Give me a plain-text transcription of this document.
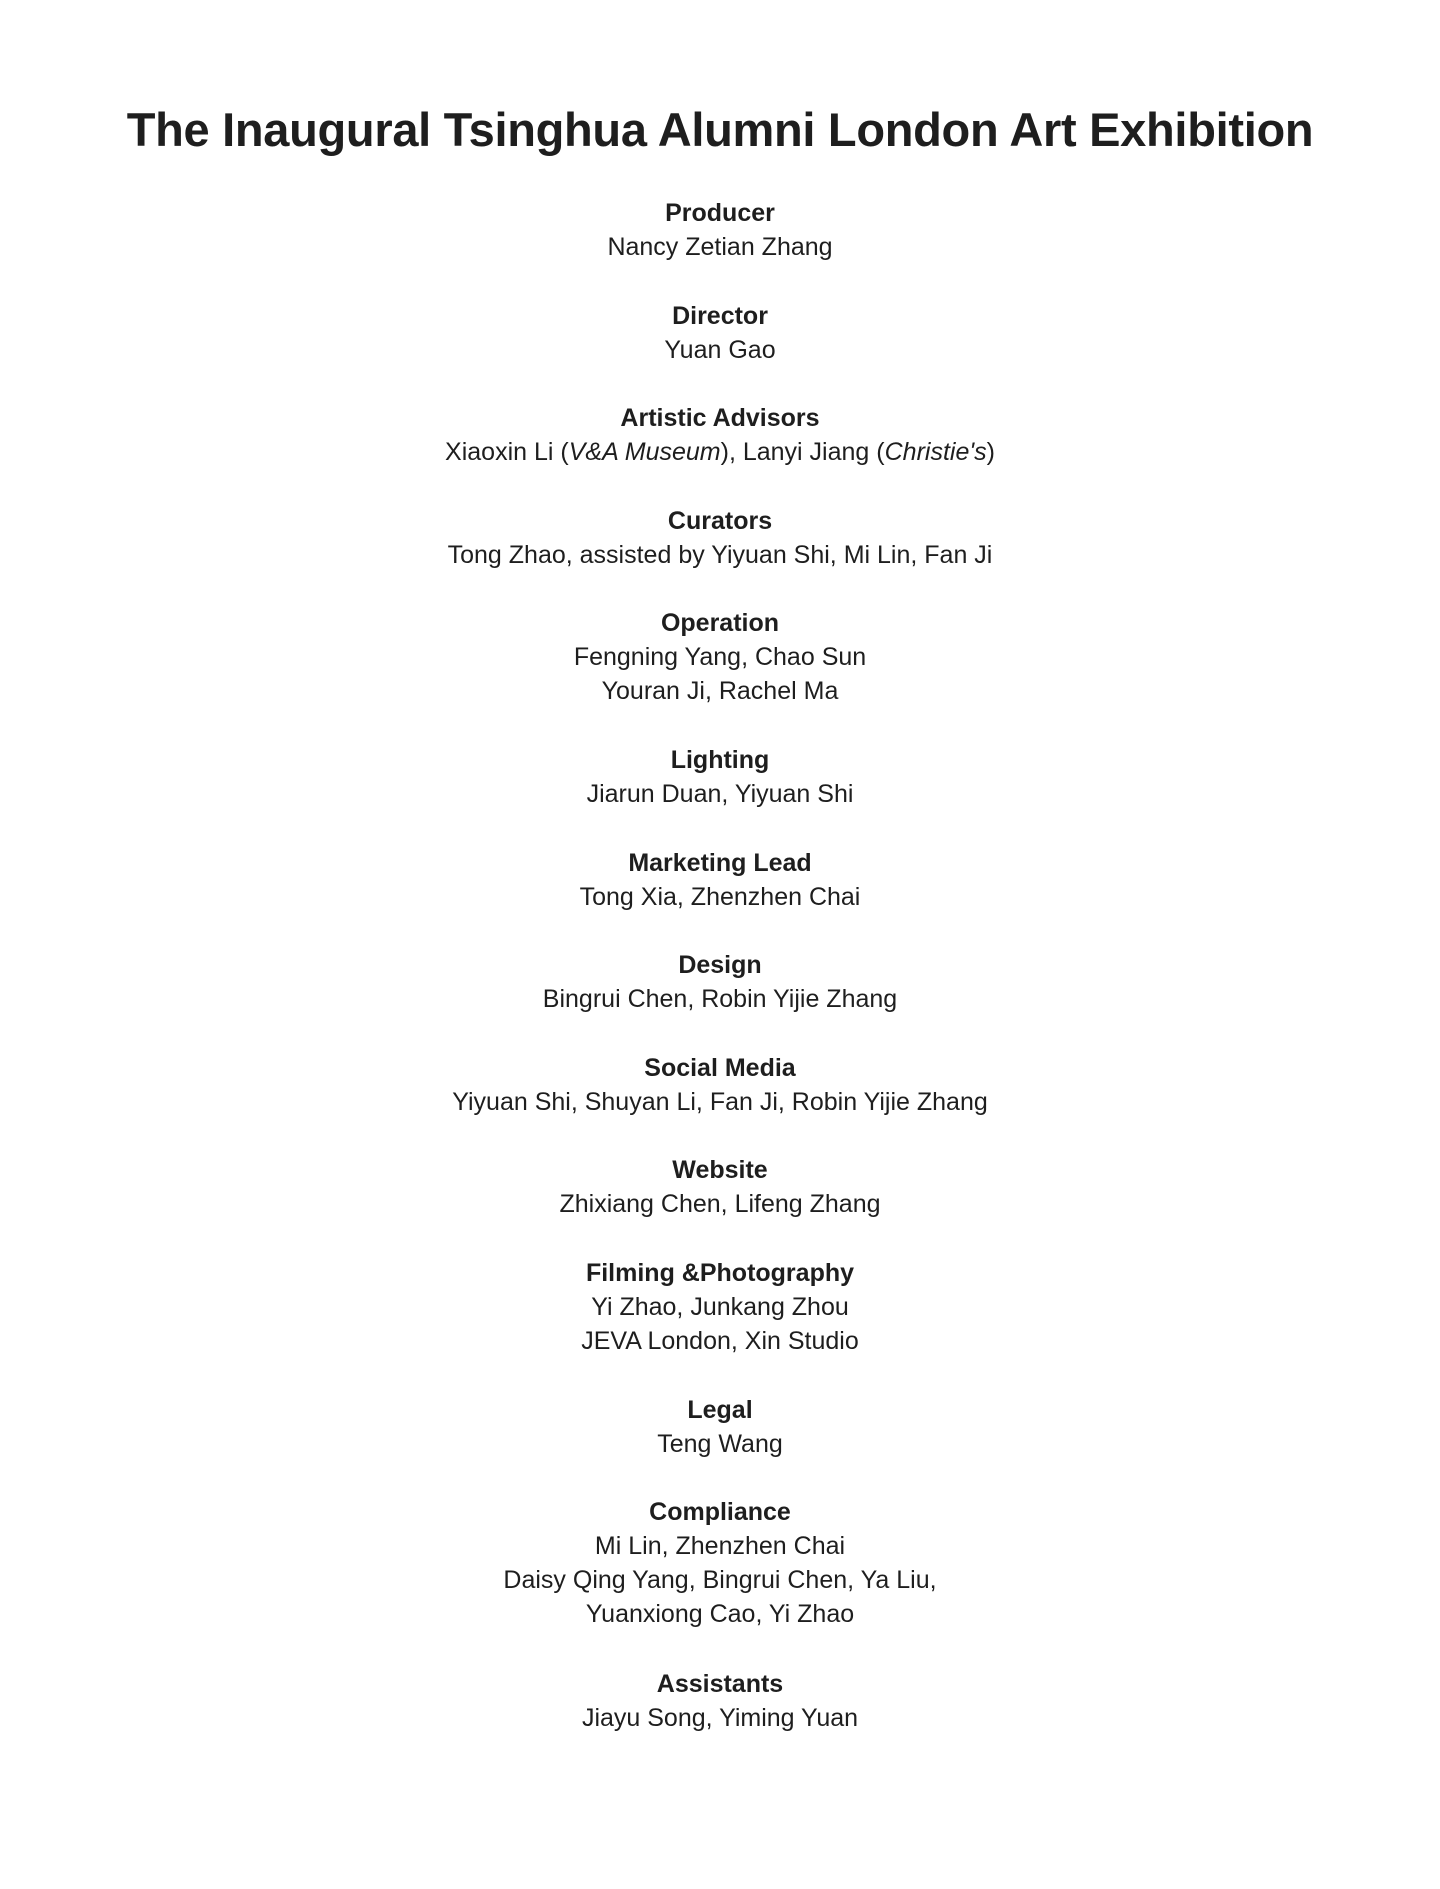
The Inaugural Tsinghua Alumni London Art Exhibition
Producer
Nancy Zetian Zhang
Director
Yuan Gao
Artistic Advisors
Xiaoxin Li (V&A Museum), Lanyi Jiang (Christie's)
Curators
Tong Zhao, assisted by Yiyuan Shi, Mi Lin, Fan Ji
Operation
Fengning Yang, Chao Sun
Youran Ji, Rachel Ma
Lighting
Jiarun Duan, Yiyuan Shi
Marketing Lead
Tong Xia, Zhenzhen Chai
Design
Bingrui Chen, Robin Yijie Zhang
Social Media
Yiyuan Shi, Shuyan Li, Fan Ji, Robin Yijie Zhang
Website
Zhixiang Chen, Lifeng Zhang
Filming &Photography
Yi Zhao, Junkang Zhou
JEVA London, Xin Studio
Legal
Teng Wang
Compliance
Mi Lin, Zhenzhen Chai
Daisy Qing Yang, Bingrui Chen, Ya Liu,
Yuanxiong Cao, Yi Zhao
Assistants
Jiayu Song, Yiming Yuan
